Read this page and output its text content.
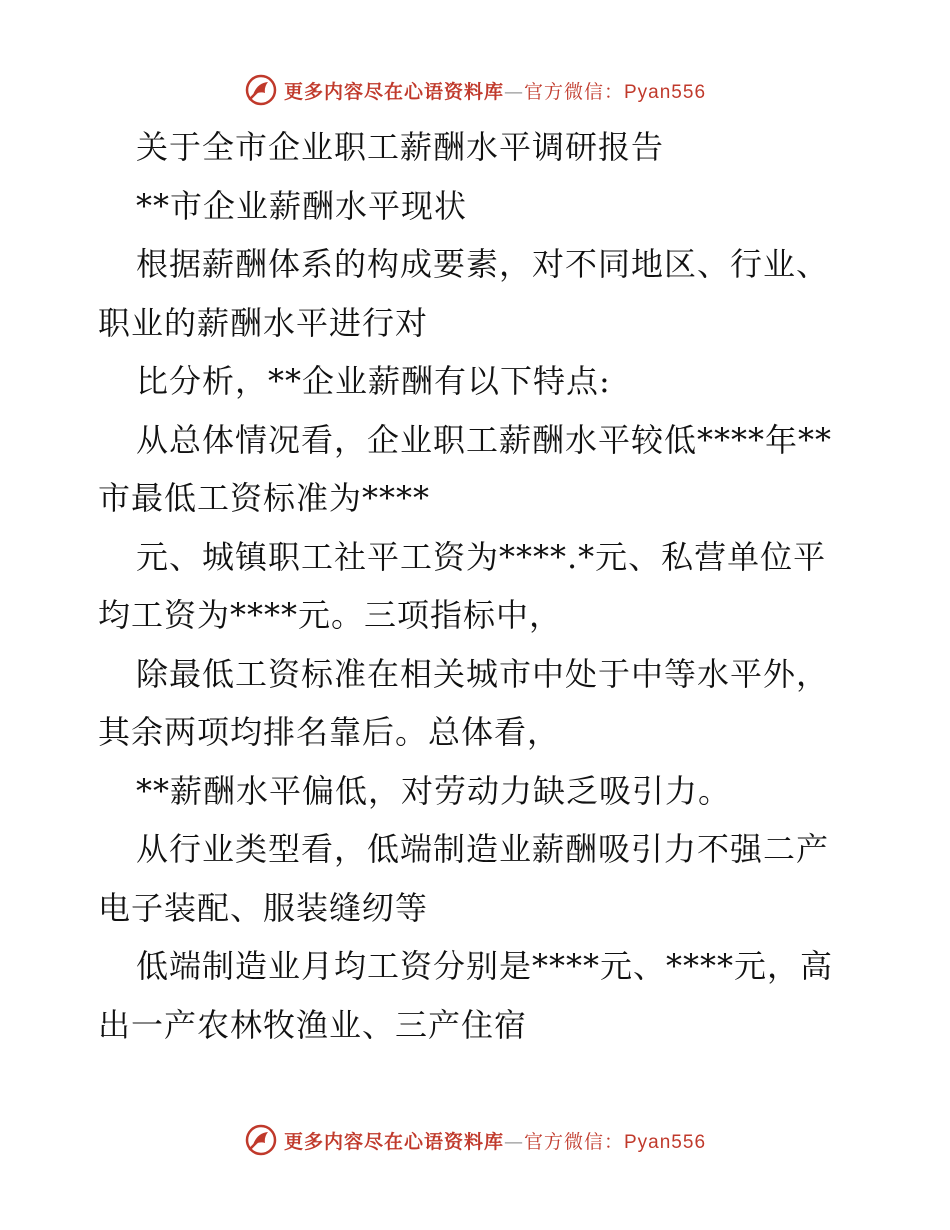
更多内容尽在心语资料库—官方微信：Pyan556
关于全市企业职工薪酬水平调研报告
**市企业薪酬水平现状
根据薪酬体系的构成要素，对不同地区、行业、
职业的薪酬水平进行对
比分析，**企业薪酬有以下特点:
从总体情况看，企业职工薪酬水平较低****年**
市最低工资标准为****
元、城镇职工社平工资为****.*元、私营单位平
均工资为****元。三项指标中，
除最低工资标准在相关城市中处于中等水平外，
其余两项均排名靠后。总体看，
**薪酬水平偏低，对劳动力缺乏吸引力。
从行业类型看，低端制造业薪酬吸引力不强二产
电子装配、服装缝纫等
低端制造业月均工资分别是****元、****元，高
出一产农林牧渔业、三产住宿
更多内容尽在心语资料库—官方微信：Pyan556
